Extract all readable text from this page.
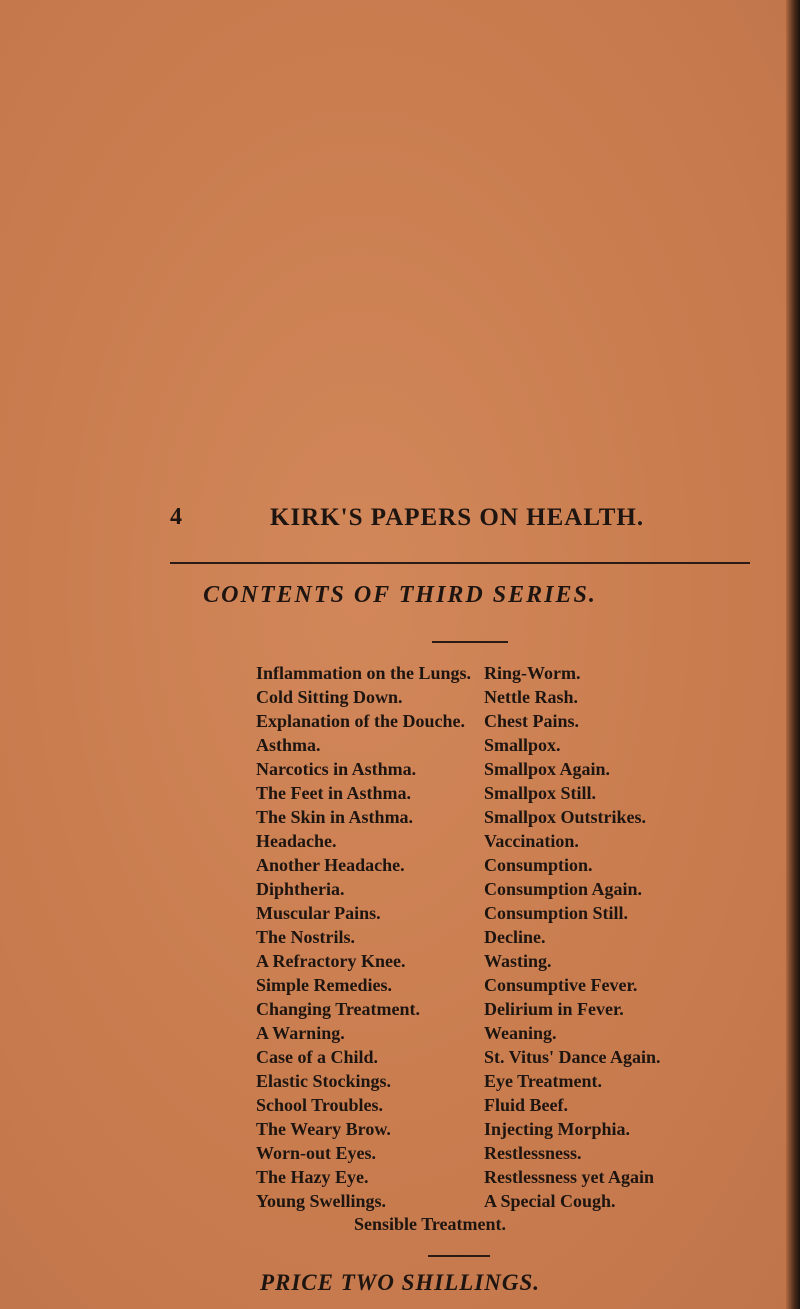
4	KIRK'S PAPERS ON HEALTH.
CONTENTS OF THIRD SERIES.
Inflammation on the Lungs.
Cold Sitting Down.
Explanation of the Douche.
Asthma.
Narcotics in Asthma.
The Feet in Asthma.
The Skin in Asthma.
Headache.
Another Headache.
Diphtheria.
Muscular Pains.
The Nostrils.
A Refractory Knee.
Simple Remedies.
Changing Treatment.
A Warning.
Case of a Child.
Elastic Stockings.
School Troubles.
The Weary Brow.
Worn-out Eyes.
The Hazy Eye.
Young Swellings.
Ring-Worm.
Nettle Rash.
Chest Pains.
Smallpox.
Smallpox Again.
Smallpox Still.
Smallpox Outstrikes.
Vaccination.
Consumption.
Consumption Again.
Consumption Still.
Decline.
Wasting.
Consumptive Fever.
Delirium in Fever.
Weaning.
St. Vitus' Dance Again.
Eye Treatment.
Fluid Beef.
Injecting Morphia.
Restlessness.
Restlessness yet Again
A Special Cough.
Sensible Treatment.
PRICE TWO SHILLINGS.
